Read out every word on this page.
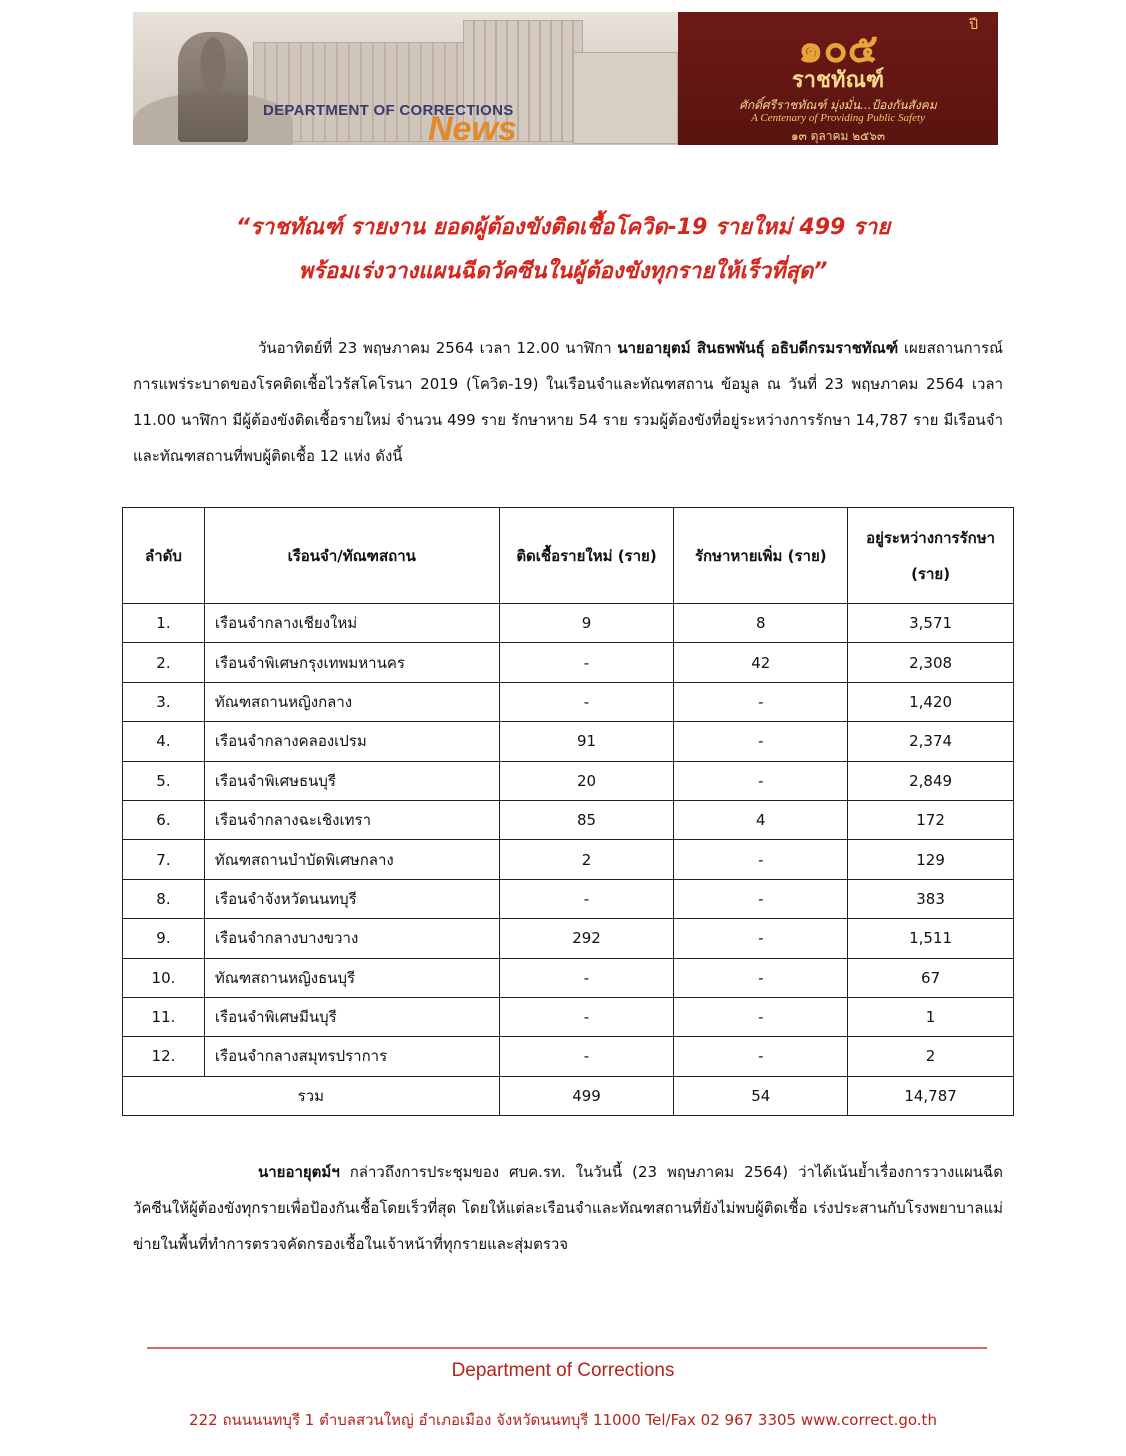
DEPARTMENT OF CORRECTIONS
News
๑๐๕	ปี
ราชทัณฑ์
ศักดิ์ศรีราชทัณฑ์ มุ่งมั่น...ป้องกันสังคม
A Centenary of Providing Public Safety
๑๓ ตุลาคม ๒๕๖๓
“ราชทัณฑ์ รายงาน ยอดผู้ต้องขังติดเชื้อโควิด-19 รายใหม่ 499 ราย
พร้อมเร่งวางแผนฉีดวัคซีนในผู้ต้องขังทุกรายให้เร็วที่สุด”

วันอาทิตย์ที่ 23 พฤษภาคม 2564 เวลา 12.00 นาฬิกา นายอายุตม์ สินธพพันธุ์ อธิบดีกรมราชทัณฑ์ เผยสถานการณ์การแพร่ระบาดของโรคติดเชื้อไวรัสโคโรนา 2019 (โควิด-19) ในเรือนจำและทัณฑสถาน ข้อมูล ณ วันที่ 23 พฤษภาคม 2564 เวลา 11.00 นาฬิกา มีผู้ต้องขังติดเชื้อรายใหม่ จำนวน 499 ราย รักษาหาย 54 ราย รวมผู้ต้องขังที่อยู่ระหว่างการรักษา 14,787 ราย มีเรือนจำและทัณฑสถานที่พบผู้ติดเชื้อ 12 แห่ง ดังนี้

ลำดับ	เรือนจำ/ทัณฑสถาน	ติดเชื้อรายใหม่ (ราย)	รักษาหายเพิ่ม (ราย)	อยู่ระหว่างการรักษา (ราย)
1.	เรือนจำกลางเชียงใหม่	9	8	3,571
2.	เรือนจำพิเศษกรุงเทพมหานคร	-	42	2,308
3.	ทัณฑสถานหญิงกลาง	-	-	1,420
4.	เรือนจำกลางคลองเปรม	91	-	2,374
5.	เรือนจำพิเศษธนบุรี	20	-	2,849
6.	เรือนจำกลางฉะเชิงเทรา	85	4	172
7.	ทัณฑสถานบำบัดพิเศษกลาง	2	-	129
8.	เรือนจำจังหวัดนนทบุรี	-	-	383
9.	เรือนจำกลางบางขวาง	292	-	1,511
10.	ทัณฑสถานหญิงธนบุรี	-	-	67
11.	เรือนจำพิเศษมีนบุรี	-	-	1
12.	เรือนจำกลางสมุทรปราการ	-	-	2
รวม		499	54	14,787

นายอายุตม์ฯ กล่าวถึงการประชุมของ ศบค.รท. ในวันนี้ (23 พฤษภาคม 2564) ว่าได้เน้นย้ำเรื่องการวางแผนฉีดวัคซีนให้ผู้ต้องขังทุกรายเพื่อป้องกันเชื้อโดยเร็วที่สุด โดยให้แต่ละเรือนจำและทัณฑสถานที่ยังไม่พบผู้ติดเชื้อ เร่งประสานกับโรงพยาบาลแม่ข่ายในพื้นที่ทำการตรวจคัดกรองเชื้อในเจ้าหน้าที่ทุกรายและสุ่มตรวจ

Department of Corrections
222 ถนนนนทบุรี 1 ตำบลสวนใหญ่ อำเภอเมือง จังหวัดนนทบุรี 11000 Tel/Fax 02 967 3305 www.correct.go.th
